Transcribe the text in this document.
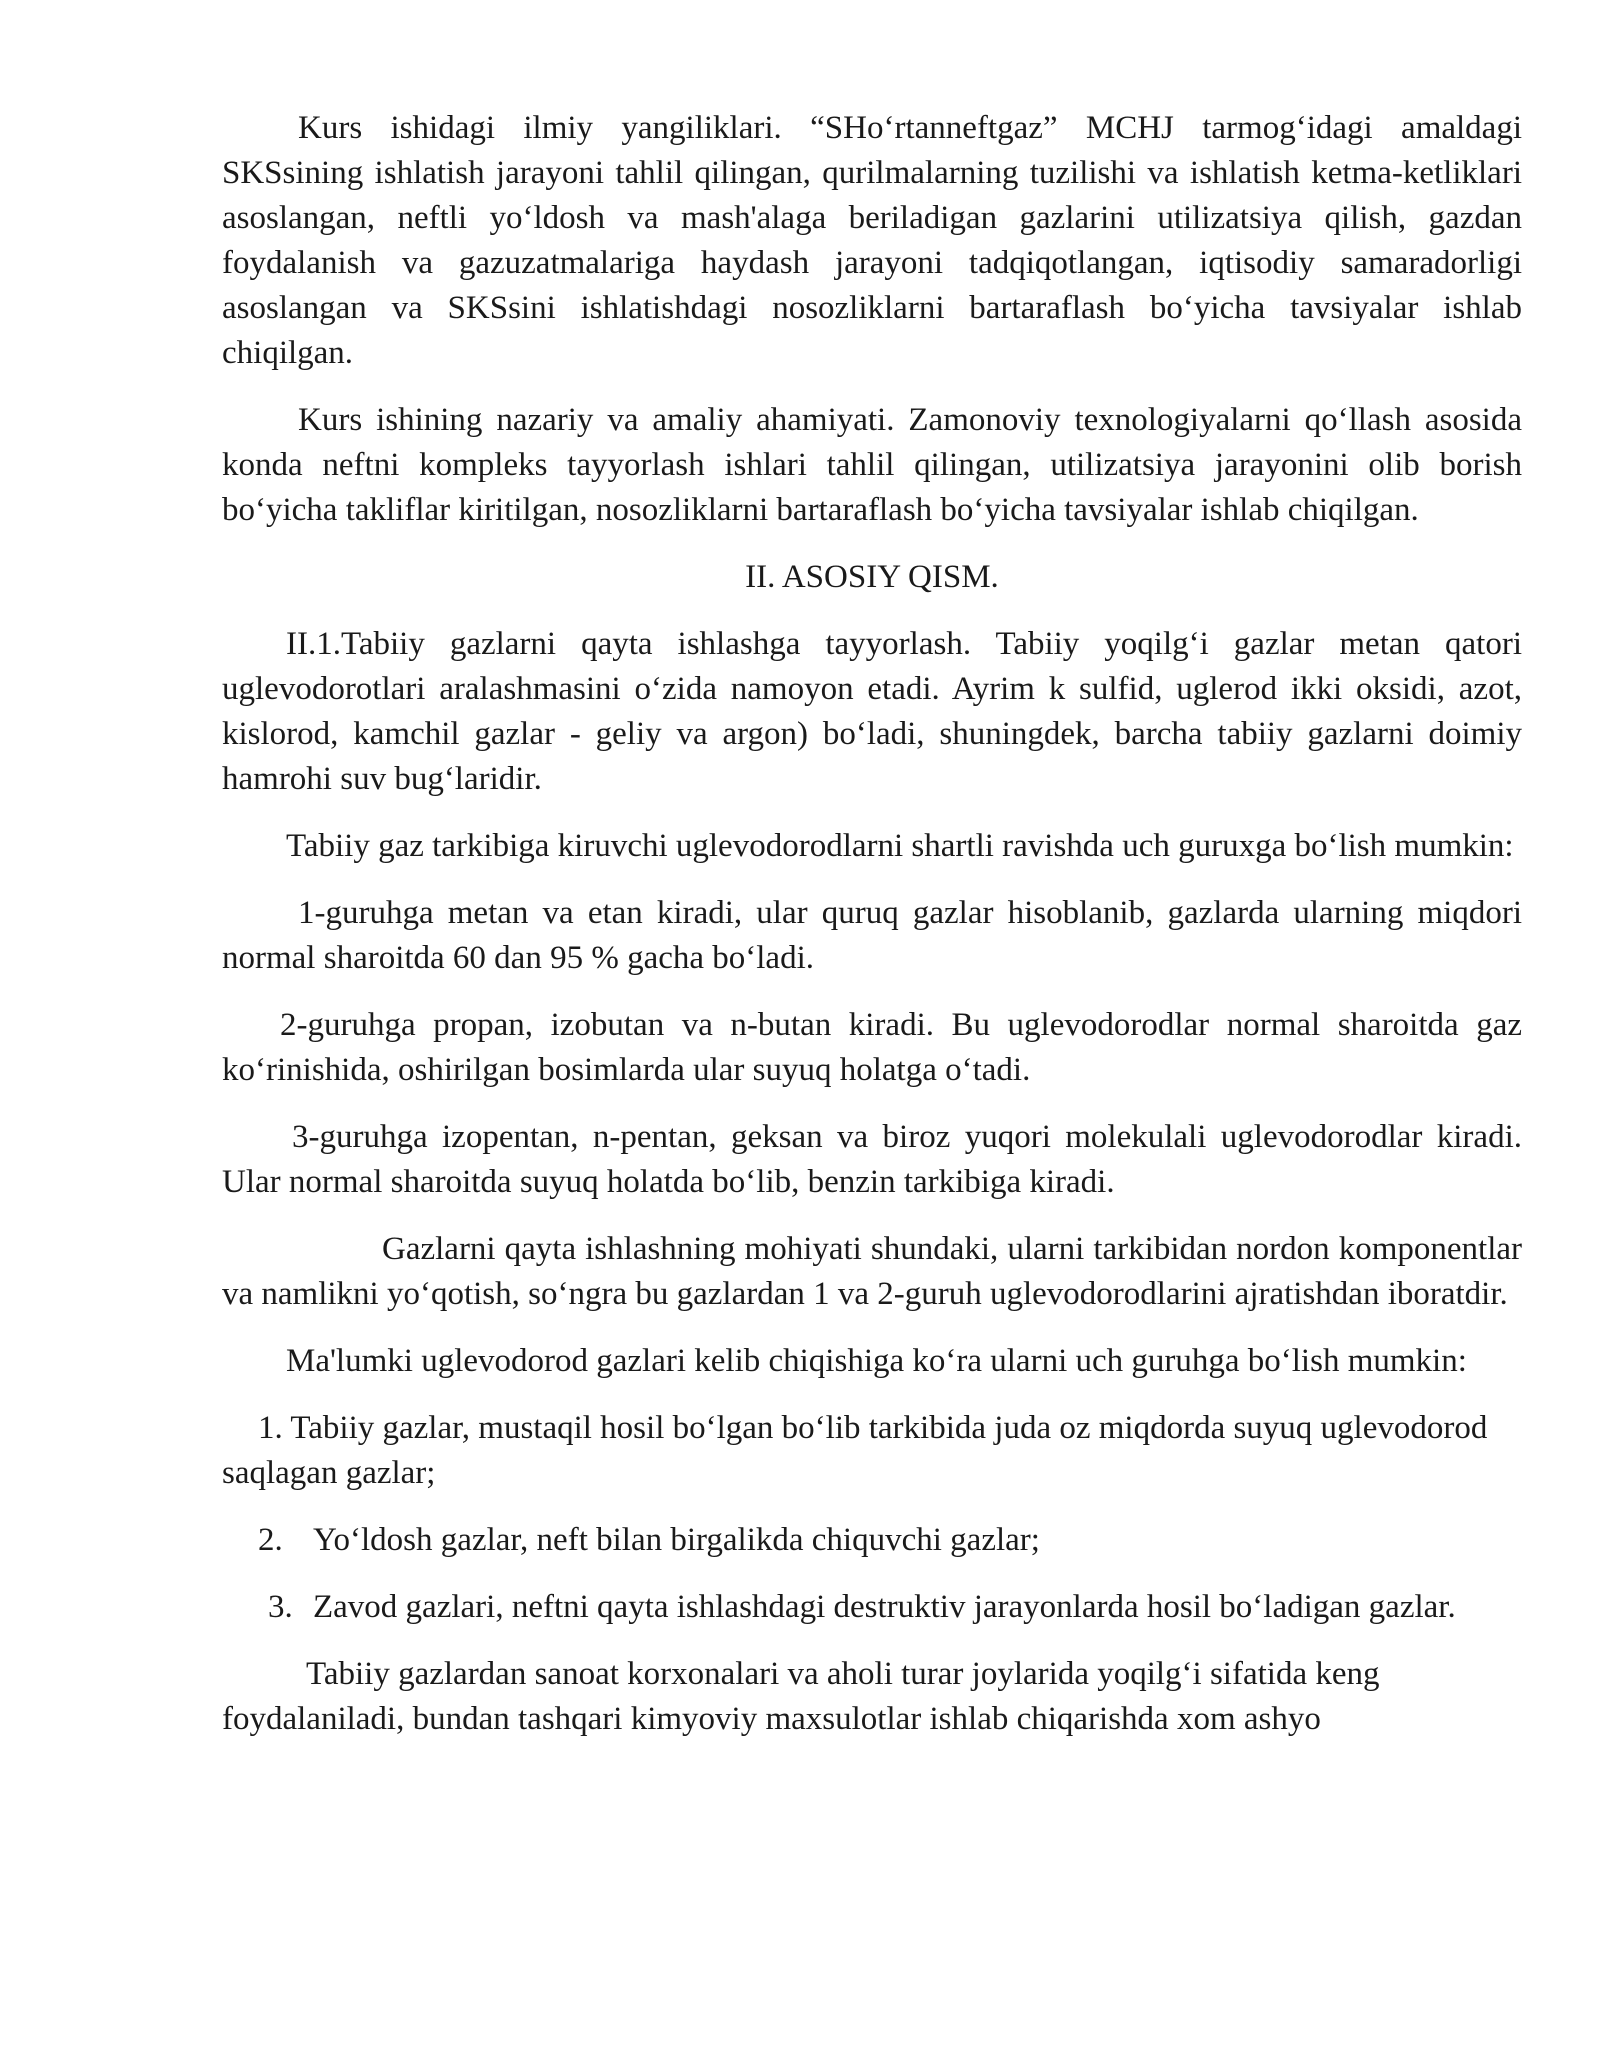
Kurs ishidagi ilmiy yangiliklari. “SHo‘rtanneftgaz” MCHJ tarmog‘idagi amaldagi SKSsining ishlatish jarayoni tahlil qilingan, qurilmalarning tuzilishi va ishlatish ketma-ketliklari asoslangan, neftli yo‘ldosh va mash'alaga beriladigan gazlarini utilizatsiya qilish, gazdan foydalanish va gazuzatmalariga haydash jarayoni tadqiqotlangan, iqtisodiy samaradorligi asoslangan va SKSsini ishlatishdagi nosozliklarni bartaraflash bo‘yicha tavsiyalar ishlab chiqilgan.

Kurs ishining nazariy va amaliy ahamiyati. Zamonoviy texnologiyalarni qo‘llash asosida konda neftni kompleks tayyorlash ishlari tahlil qilingan, utilizatsiya jarayonini olib borish bo‘yicha takliflar kiritilgan, nosozliklarni bartaraflash bo‘yicha tavsiyalar ishlab chiqilgan.

II. ASOSIY QISM.

II.1.Tabiiy gazlarni qayta ishlashga tayyorlash. Tabiiy yoqilg‘i gazlar metan qatori uglevodorotlari aralashmasini o‘zida namoyon etadi. Ayrim k sulfid, uglerod ikki oksidi, azot, kislorod, kamchil gazlar - geliy va argon) bo‘ladi, shuningdek, barcha tabiiy gazlarni doimiy hamrohi suv bug‘laridir.

Tabiiy gaz tarkibiga kiruvchi uglevodorodlarni shartli ravishda uch guruxga bo‘lish mumkin:

1-guruhga metan va etan kiradi, ular quruq gazlar hisoblanib, gazlarda ularning miqdori normal sharoitda 60 dan 95 % gacha bo‘ladi.

2-guruhga propan, izobutan va n-butan kiradi. Bu uglevodorodlar normal sharoitda gaz ko‘rinishida, oshirilgan bosimlarda ular suyuq holatga o‘tadi.

3-guruhga izopentan, n-pentan, geksan va biroz yuqori molekulali uglevodorodlar kiradi. Ular normal sharoitda suyuq holatda bo‘lib, benzin tarkibiga kiradi.

Gazlarni qayta ishlashning mohiyati shundaki, ularni tarkibidan nordon komponentlar va namlikni yo‘qotish, so‘ngra bu gazlardan 1 va 2-guruh uglevodorodlarini ajratishdan iboratdir.

Ma'lumki uglevodorod gazlari kelib chiqishiga ko‘ra ularni uch guruhga bo‘lish mumkin:

1. Tabiiy gazlar, mustaqil hosil bo‘lgan bo‘lib tarkibida juda oz miqdorda suyuq uglevodorod saqlagan gazlar;
2. Yo‘ldosh gazlar, neft bilan birgalikda chiquvchi gazlar;
3. Zavod gazlari, neftni qayta ishlashdagi destruktiv jarayonlarda hosil bo‘ladigan gazlar.

Tabiiy gazlardan sanoat korxonalari va aholi turar joylarida yoqilg‘i sifatida keng foydalaniladi, bundan tashqari kimyoviy maxsulotlar ishlab chiqarishda xom ashyo
